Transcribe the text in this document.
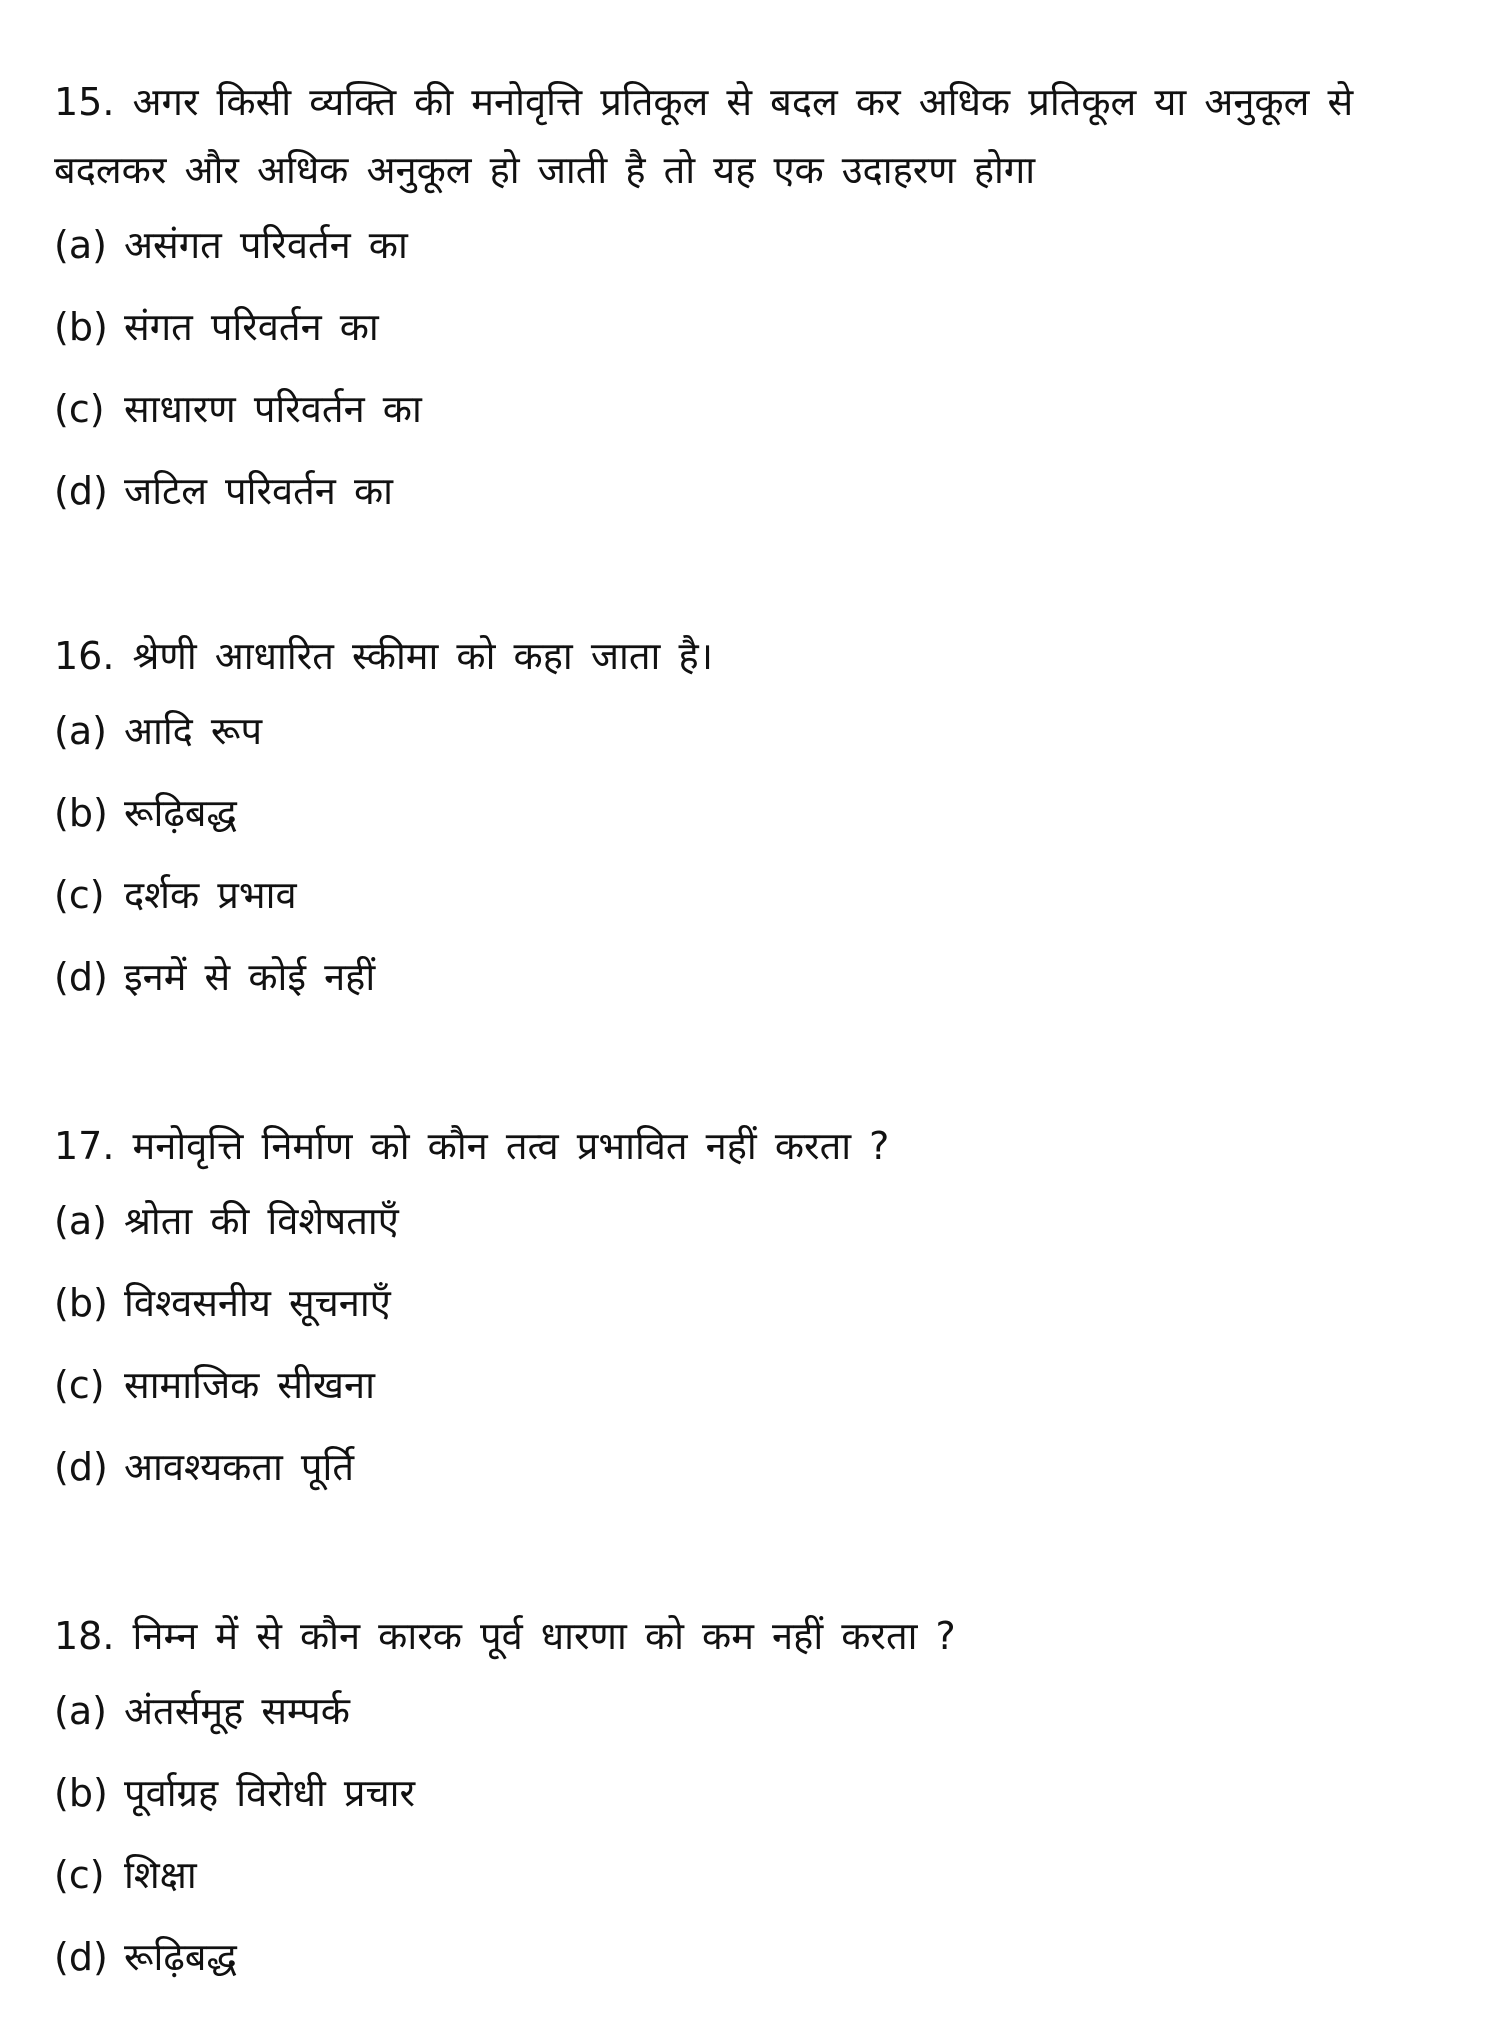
15. अगर किसी व्यक्ति की मनोवृत्ति प्रतिकूल से बदल कर अधिक प्रतिकूल या अनुकूल से बदलकर और अधिक अनुकूल हो जाती है तो यह एक उदाहरण होगा

(a) असंगत परिवर्तन का

(b) संगत परिवर्तन का

(c) साधारण परिवर्तन का

(d) जटिल परिवर्तन का

16. श्रेणी आधारित स्कीमा को कहा जाता है।

(a) आदि रूप

(b) रूढ़िबद्ध

(c) दर्शक प्रभाव

(d) इनमें से कोई नहीं

17. मनोवृत्ति निर्माण को कौन तत्व प्रभावित नहीं करता ?

(a) श्रोता की विशेषताएँ

(b) विश्वसनीय सूचनाएँ

(c) सामाजिक सीखना

(d) आवश्यकता पूर्ति

18. निम्न में से कौन कारक पूर्व धारणा को कम नहीं करता ?

(a) अंतर्समूह सम्पर्क

(b) पूर्वाग्रह विरोधी प्रचार

(c) शिक्षा

(d) रूढ़िबद्ध
